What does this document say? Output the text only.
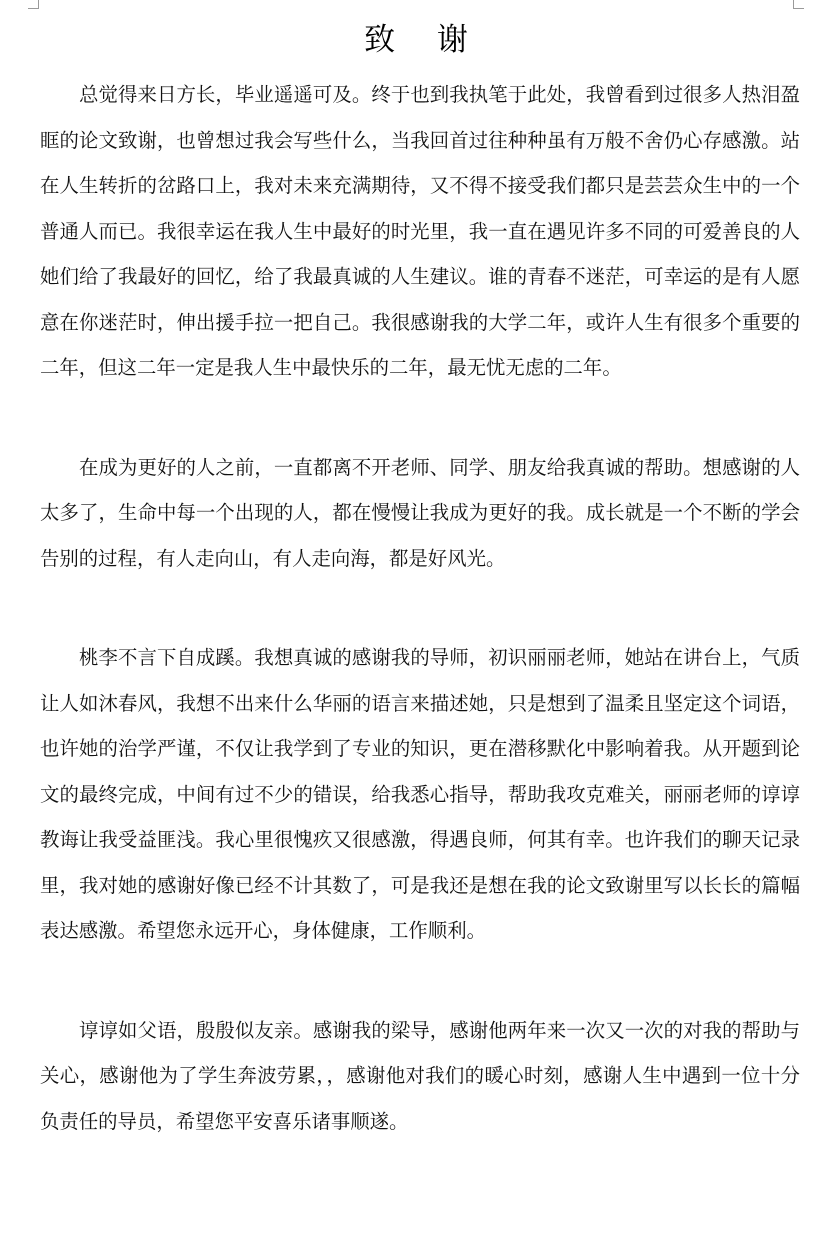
致 谢

总觉得来日方长，毕业遥遥可及。终于也到我执笔于此处，我曾看到过很多人热泪盈眶的论文致谢，也曾想过我会写些什么，当我回首过往种种虽有万般不舍仍心存感激。站在人生转折的岔路口上，我对未来充满期待，又不得不接受我们都只是芸芸众生中的一个普通人而已。我很幸运在我人生中最好的时光里，我一直在遇见许多不同的可爱善良的人她们给了我最好的回忆，给了我最真诚的人生建议。谁的青春不迷茫，可幸运的是有人愿意在你迷茫时，伸出援手拉一把自己。我很感谢我的大学二年，或许人生有很多个重要的二年，但这二年一定是我人生中最快乐的二年，最无忧无虑的二年。

在成为更好的人之前，一直都离不开老师、同学、朋友给我真诚的帮助。想感谢的人太多了，生命中每一个出现的人，都在慢慢让我成为更好的我。成长就是一个不断的学会告别的过程，有人走向山，有人走向海，都是好风光。

桃李不言下自成蹊。我想真诚的感谢我的导师，初识丽丽老师，她站在讲台上，气质让人如沐春风，我想不出来什么华丽的语言来描述她，只是想到了温柔且坚定这个词语，也许她的治学严谨，不仅让我学到了专业的知识，更在潜移默化中影响着我。从开题到论文的最终完成，中间有过不少的错误，给我悉心指导，帮助我攻克难关，丽丽老师的谆谆教诲让我受益匪浅。我心里很愧疚又很感激，得遇良师，何其有幸。也许我们的聊天记录里，我对她的感谢好像已经不计其数了，可是我还是想在我的论文致谢里写以长长的篇幅表达感激。希望您永远开心，身体健康，工作顺利。

谆谆如父语，殷殷似友亲。感谢我的梁导，感谢他两年来一次又一次的对我的帮助与关心，感谢他为了学生奔波劳累，，感谢他对我们的暖心时刻，感谢人生中遇到一位十分负责任的导员，希望您平安喜乐诸事顺遂。
